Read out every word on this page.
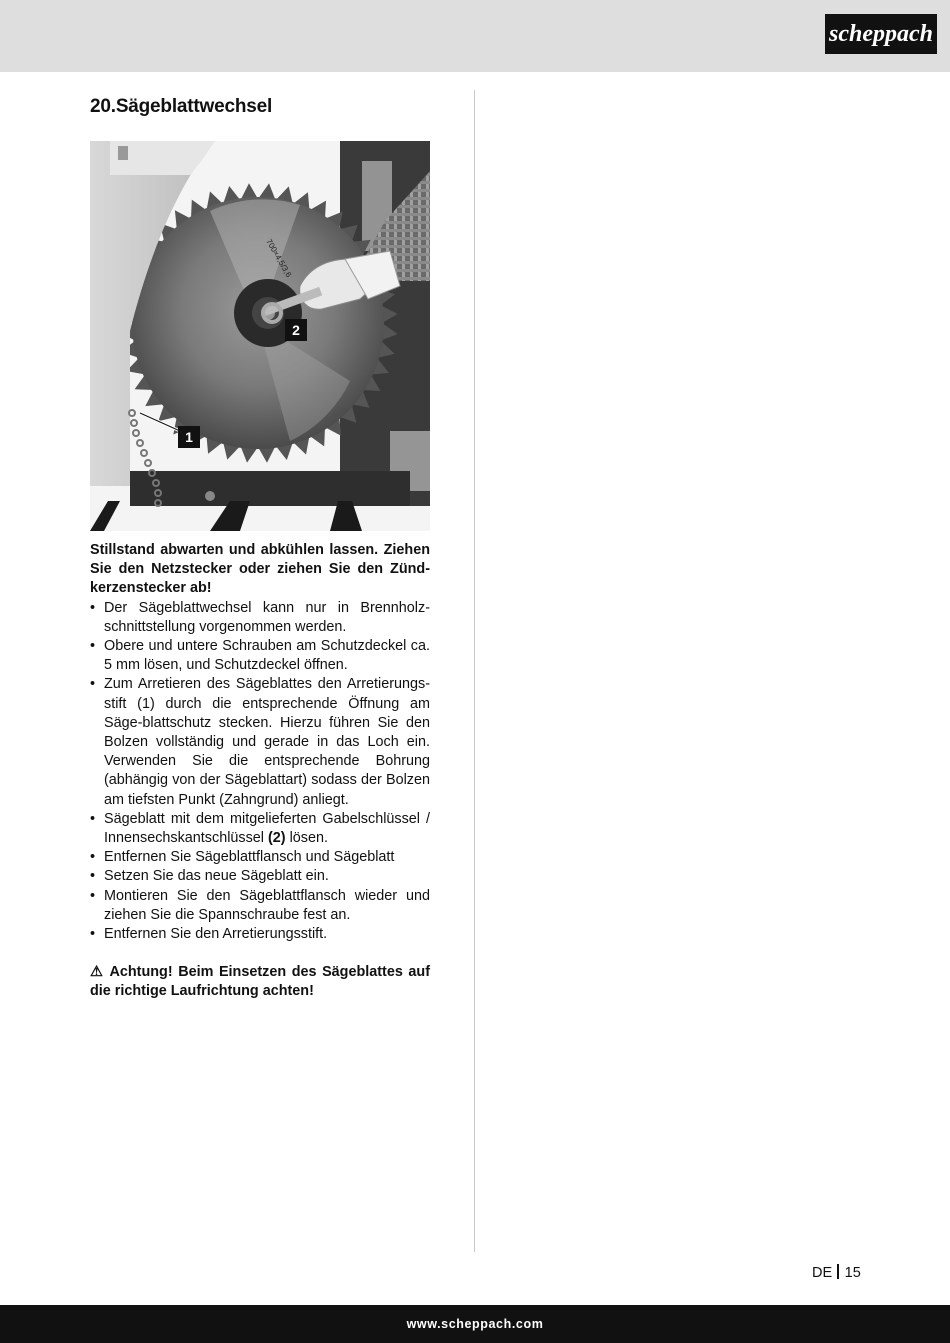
scheppach
20.Sägeblattwechsel
700×4,5/3,6
1
2

Stillstand abwarten und abkühlen lassen. Ziehen Sie den Netzstecker oder ziehen Sie den Zünd-kerzenstecker ab!

• Der Sägeblattwechsel kann nur in Brennholz-schnittstellung vorgenommen werden.
• Obere und untere Schrauben am Schutzdeckel ca. 5 mm lösen, und Schutzdeckel öffnen.
• Zum Arretieren des Sägeblattes den Arretierungs-stift (1) durch die entsprechende Öffnung am Säge-blattschutz stecken. Hierzu führen Sie den Bolzen vollständig und gerade in das Loch ein. Verwenden Sie die entsprechende Bohrung (abhängig von der Sägeblattart) sodass der Bolzen am tiefsten Punkt (Zahngrund) anliegt.
• Sägeblatt mit dem mitgelieferten Gabelschlüssel / Innensechskantschlüssel (2) lösen.
• Entfernen Sie Sägeblattflansch und Sägeblatt
• Setzen Sie das neue Sägeblatt ein.
• Montieren Sie den Sägeblattflansch wieder und ziehen Sie die Spannschraube fest an.
• Entfernen Sie den Arretierungsstift.

⚠ Achtung! Beim Einsetzen des Sägeblattes auf die richtige Laufrichtung achten!

DE 15
www.scheppach.com
